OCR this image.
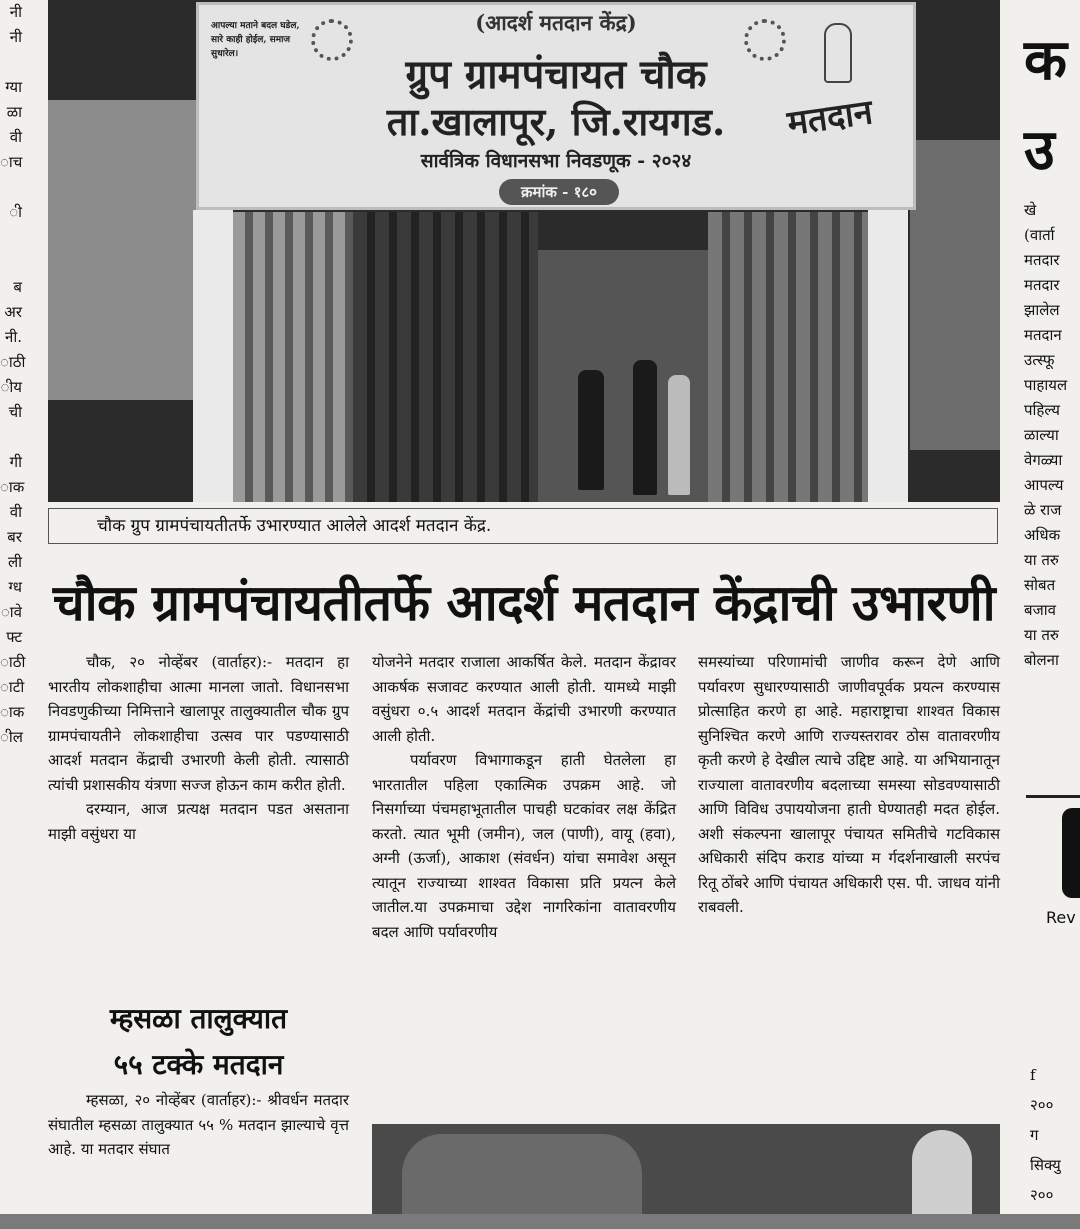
नी
नी

ग्या
ळा
वी
ाच

ी

ब
अर
नी.
ाठी
ीय
ची

गी
ाक
वी
बर
ली
ग्ध
ावे
फ्ट
ाठी
ाटी
ाक
ील
आपल्या मताने बदल घडेल, सारे काही होईल, समाज सुधारेल।
(आदर्श मतदान केंद्र)
ग्रुप ग्रामपंचायत चौक
ता.खालापूर, जि.रायगड.
सार्वत्रिक विधानसभा निवडणूक - २०२४
क्रमांक - १८०
मतदान
चौक ग्रुप ग्रामपंचायतीतर्फे उभारण्यात आलेले आदर्श मतदान केंद्र.
चौक ग्रामपंचायतीतर्फे आदर्श मतदान केंद्राची उभारणी
चौक, २० नोव्हेंबर (वार्ताहर):- मतदान हा भारतीय लोकशाहीचा आत्मा मानला जातो. विधानसभा निवडणुकीच्या निमित्ताने खालापूर तालुक्यातील चौक ग्रुप ग्रामपंचायतीने लोकशाहीचा उत्सव पार पडण्यासाठी आदर्श मतदान केंद्राची उभारणी केली होती. त्यासाठी त्यांची प्रशासकीय यंत्रणा सज्ज होऊन काम करीत होती.
दरम्यान, आज प्रत्यक्ष मतदान पडत असताना माझी वसुंधरा या
योजनेने मतदार राजाला आकर्षित केले. मतदान केंद्रावर आकर्षक सजावट करण्यात आली होती. यामध्ये माझी वसुंधरा ०.५ आदर्श मतदान केंद्रांची उभारणी करण्यात आली होती.
पर्यावरण विभागाकडून हाती घेतलेला हा भारतातील पहिला एकात्मिक उपक्रम आहे. जो निसर्गाच्या पंचमहाभूतातील पाचही घटकांवर लक्ष केंद्रित करतो. त्यात भूमी (जमीन), जल (पाणी), वायू (हवा), अग्नी (ऊर्जा), आकाश (संवर्धन) यांचा समावेश असून त्यातून राज्याच्या शाश्वत विकासा प्रति प्रयत्न केले जातील.या उपक्रमाचा उद्देश नागरिकांना वातावरणीय बदल आणि पर्यावरणीय
समस्यांच्या परिणामांची जाणीव करून देणे आणि पर्यावरण सुधारण्यासाठी जाणीवपूर्वक प्रयत्न करण्यास प्रोत्साहित करणे हा आहे. महाराष्ट्राचा शाश्वत विकास सुनिश्चित करणे आणि राज्यस्तरावर ठोस वातावरणीय कृती करणे हे देखील त्याचे उद्दिष्ट आहे. या अभियानातून राज्याला वातावरणीय बदलाच्या समस्या सोडवण्यासाठी आणि विविध उपाययोजना हाती घेण्यातही मदत होईल. अशी संकल्पना खालापूर पंचायत समितीचे गटविकास अधिकारी संदिप कराड यांच्या म र्गदर्शनाखाली सरपंच रितू ठोंबरे आणि पंचायत अधिकारी एस. पी. जाधव यांनी राबवली.

म्हसळा तालुक्यात

५५ टक्के मतदान

म्हसळा, २० नोव्हेंबर (वार्ताहर):- श्रीवर्धन मतदार संघातील म्हसळा तालुक्यात ५५ % मतदान झाल्याचे वृत्त आहे. या मतदार संघात
क
उ
खे
(वार्ता
मतदार
मतदार
झालेल
मतदान
उत्स्फू
पाहायल
पहिल्य
ळाल्या
वेगळ्या
आपल्य
ळे राज
अधिक
या तरु
सोबत
बजाव
या तरु
बोलना
Rev
f
२००
ग
सिक्यु
२००
